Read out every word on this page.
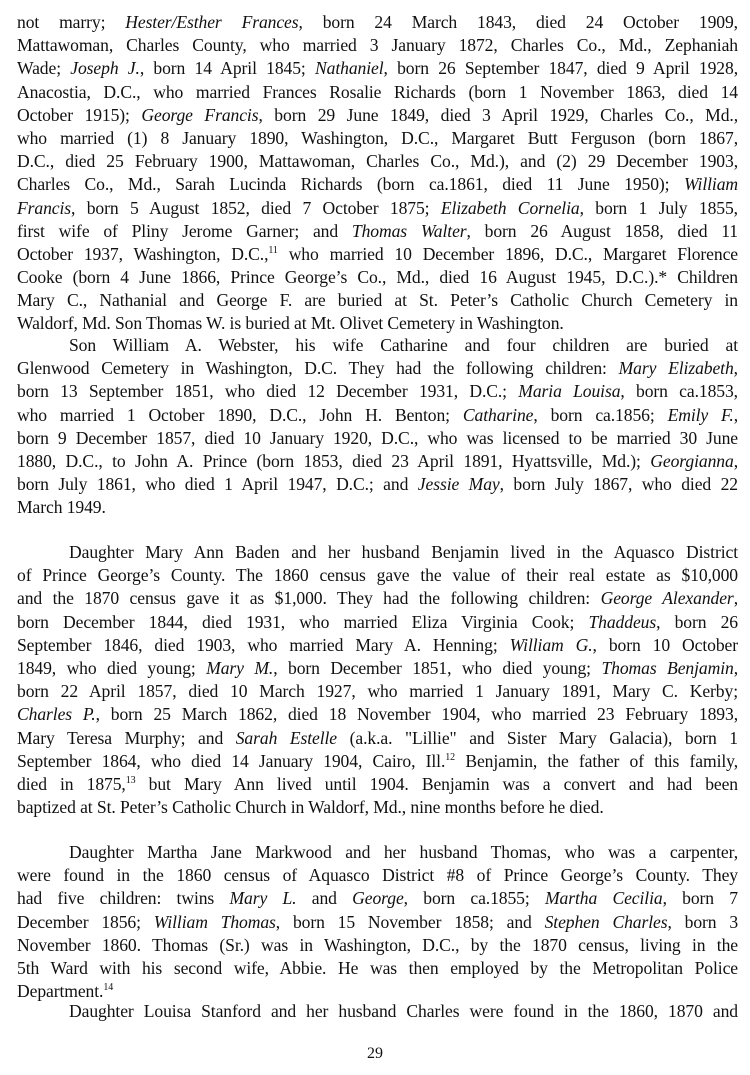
not marry; Hester/Esther Frances, born 24 March 1843, died 24 October 1909,
Mattawoman, Charles County, who married 3 January 1872, Charles Co., Md., Zephaniah
Wade; Joseph J., born 14 April 1845; Nathaniel, born 26 September 1847, died 9 April 1928,
Anacostia, D.C., who married Frances Rosalie Richards (born 1 November 1863, died 14
October 1915); George Francis, born 29 June 1849, died 3 April 1929, Charles Co., Md.,
who married (1) 8 January 1890, Washington, D.C., Margaret Butt Ferguson (born 1867,
D.C., died 25 February 1900, Mattawoman, Charles Co., Md.), and (2) 29 December 1903,
Charles Co., Md., Sarah Lucinda Richards (born ca.1861, died 11 June 1950); William
Francis, born 5 August 1852, died 7 October 1875; Elizabeth Cornelia, born 1 July 1855,
first wife of Pliny Jerome Garner; and Thomas Walter, born 26 August 1858, died 11
October 1937, Washington, D.C.,$^{11}$ who married 10 December 1896, D.C., Margaret Florence
Cooke (born 4 June 1866, Prince George’s Co., Md., died 16 August 1945, D.C.).* Children
Mary C., Nathanial and George F. are buried at St. Peter’s Catholic Church Cemetery in
Waldorf, Md. Son Thomas W. is buried at Mt. Olivet Cemetery in Washington.
Son William A. Webster, his wife Catharine and four children are buried at
Glenwood Cemetery in Washington, D.C. They had the following children: Mary Elizabeth,
born 13 September 1851, who died 12 December 1931, D.C.; Maria Louisa, born ca.1853,
who married 1 October 1890, D.C., John H. Benton; Catharine, born ca.1856; Emily F.,
born 9 December 1857, died 10 January 1920, D.C., who was licensed to be married 30 June
1880, D.C., to John A. Prince (born 1853, died 23 April 1891, Hyattsville, Md.); Georgianna,
born July 1861, who died 1 April 1947, D.C.; and Jessie May, born July 1867, who died 22
March 1949.
Daughter Mary Ann Baden and her husband Benjamin lived in the Aquasco District
of Prince George’s County. The 1860 census gave the value of their real estate as $10,000
and the 1870 census gave it as $1,000. They had the following children: George Alexander,
born December 1844, died 1931, who married Eliza Virginia Cook; Thaddeus, born 26
September 1846, died 1903, who married Mary A. Henning; William G., born 10 October
1849, who died young; Mary M., born December 1851, who died young; Thomas Benjamin,
born 22 April 1857, died 10 March 1927, who married 1 January 1891, Mary C. Kerby;
Charles P., born 25 March 1862, died 18 November 1904, who married 23 February 1893,
Mary Teresa Murphy; and Sarah Estelle (a.k.a. "Lillie" and Sister Mary Galacia), born 1
September 1864, who died 14 January 1904, Cairo, Ill.$^{12}$ Benjamin, the father of this family,
died in 1875,13 but Mary Ann lived until 1904. Benjamin was a convert and had been
baptized at St. Peter’s Catholic Church in Waldorf, Md., nine months before he died.
Daughter Martha Jane Markwood and her husband Thomas, who was a carpenter,
were found in the 1860 census of Aquasco District #8 of Prince George’s County. They
had five children: twins Mary L. and George, born ca.1855; Martha Cecilia, born 7
December 1856; William Thomas, born 15 November 1858; and Stephen Charles, born 3
November 1860. Thomas (Sr.) was in Washington, D.C., by the 1870 census, living in the
5th Ward with his second wife, Abbie. He was then employed by the Metropolitan Police
Department.$^{14}$
Daughter Louisa Stanford and her husband Charles were found in the 1860, 1870 and
29
